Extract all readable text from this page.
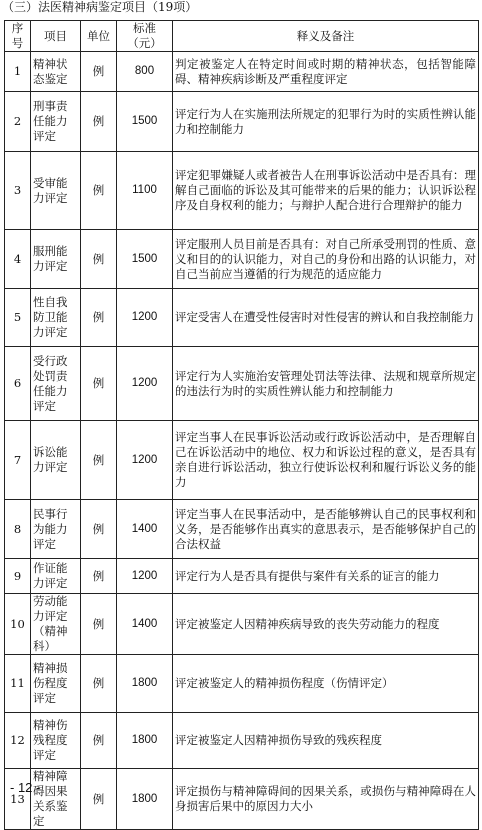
（三）法医精神病鉴定项目（19项）
序号	项目	单位	标准（元）	释义及备注
1	精神状态鉴定	例	800	判定被鉴定人在特定时间或时期的精神状态，包括智能障碍、精神疾病诊断及严重程度评定
2	刑事责任能力评定	例	1500	评定行为人在实施刑法所规定的犯罪行为时的实质性辨认能力和控制能力
3	受审能力评定	例	1100	评定犯罪嫌疑人或者被告人在刑事诉讼活动中是否具有：理解自己面临的诉讼及其可能带来的后果的能力；认识诉讼程序及自身权利的能力；与辩护人配合进行合理辩护的能力
4	服刑能力评定	例	1500	评定服刑人员目前是否具有：对自己所承受刑罚的性质、意义和目的的认识能力，对自己的身份和出路的认识能力，对自己当前应当遵循的行为规范的适应能力
5	性自我防卫能力评定	例	1200	评定受害人在遭受性侵害时对性侵害的辨认和自我控制能力
6	受行政处罚责任能力评定	例	1200	评定行为人实施治安管理处罚法等法律、法规和规章所规定的违法行为时的实质性辨认能力和控制能力
7	诉讼能力评定	例	1200	评定当事人在民事诉讼活动或行政诉讼活动中，是否理解自己在诉讼活动中的地位、权力和诉讼过程的意义，是否具有亲自进行诉讼活动，独立行使诉讼权利和履行诉讼义务的能力
8	民事行为能力评定	例	1400	评定当事人在民事活动中，是否能够辨认自己的民事权利和义务，是否能够作出真实的意思表示，是否能够保护自己的合法权益
9	作证能力评定	例	1200	评定行为人是否具有提供与案件有关系的证言的能力
10	劳动能力评定（精神科）	例	1400	评定被鉴定人因精神疾病导致的丧失劳动能力的程度
11	精神损伤程度评定	例	1800	评定被鉴定人的精神损伤程度（伤情评定）
12	精神伤残程度评定	例	1800	评定被鉴定人因精神损伤导致的残疾程度
13	精神障碍因果关系鉴定	例	1800	评定损伤与精神障碍间的因果关系，或损伤与精神障碍在人身损害后果中的原因力大小
- 12 -
